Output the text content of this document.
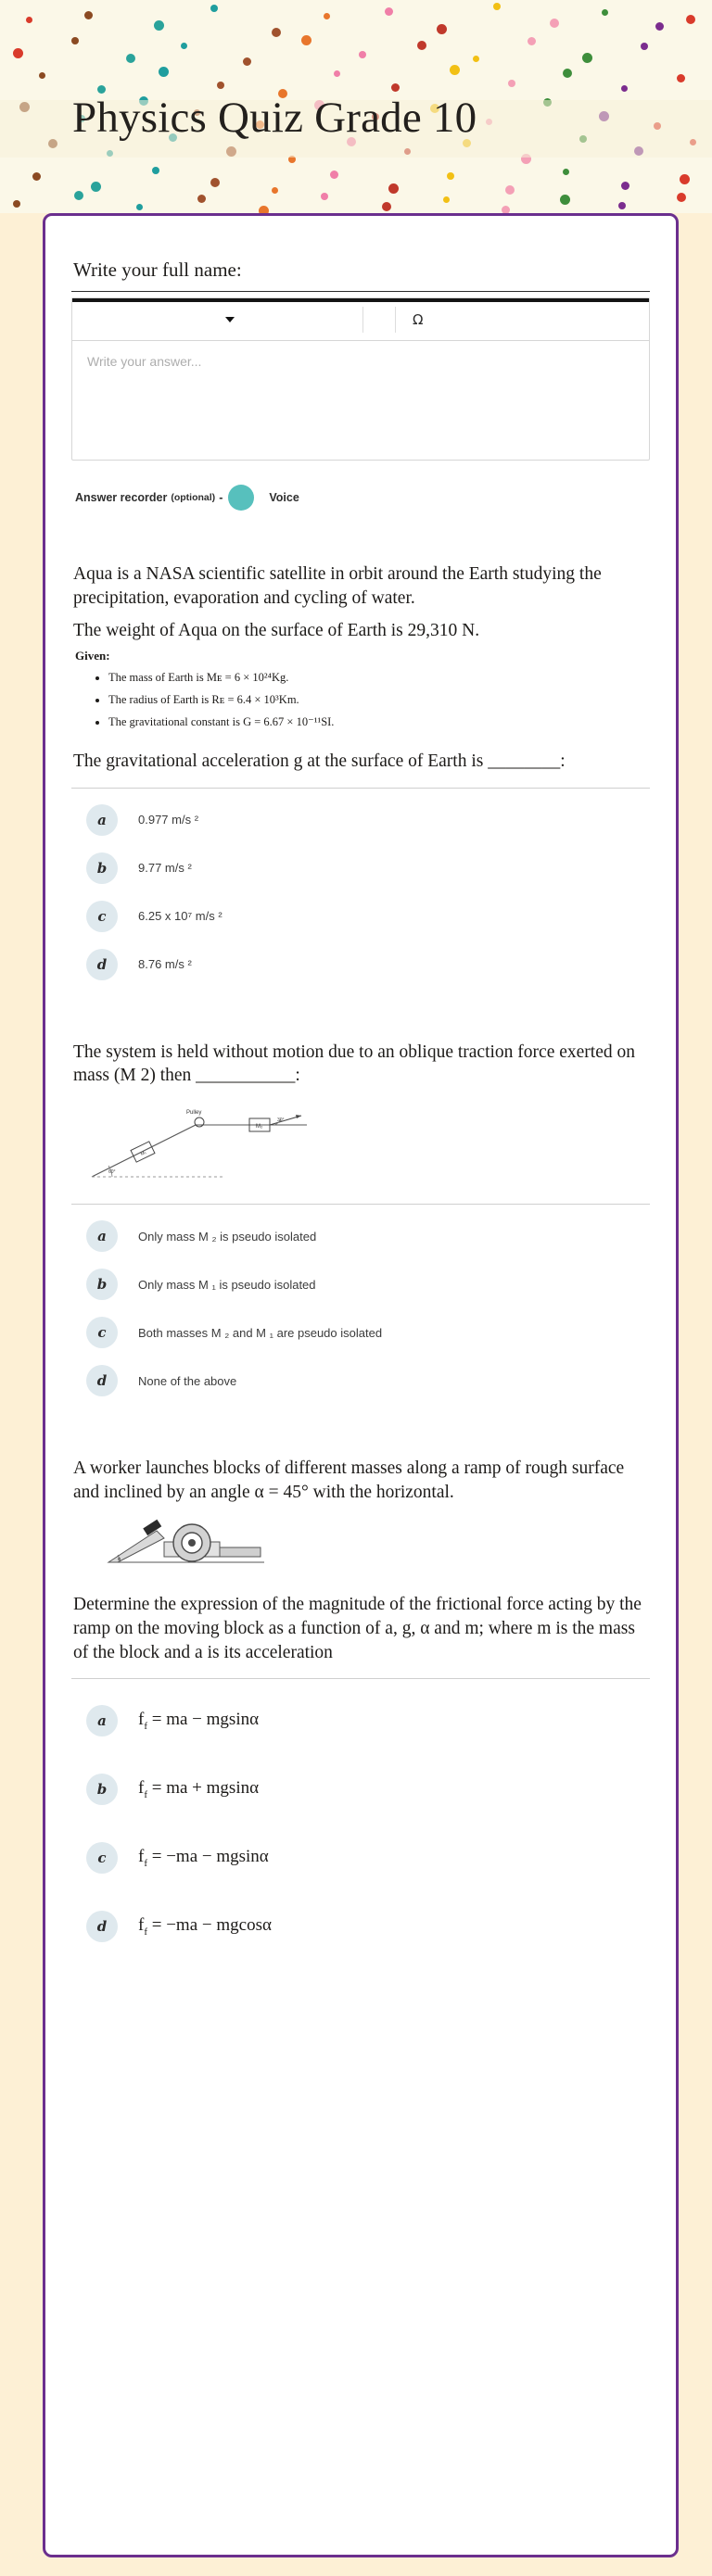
Physics Quiz Grade 10
Write your full name:
Ω
Write your answer...
Answer recorder (optional) -	Voice
Aqua is a NASA scientific satellite in orbit around the Earth studying the precipitation, evaporation and cycling of water.
The weight of Aqua on the surface of Earth is 29,310 N.
Given:
• The mass of Earth is Mᴇ = 6 × 10²⁴Kg.
• The radius of Earth is Rᴇ = 6.4 × 10³Km.
• The gravitational constant is G = 6.67 × 10⁻¹¹SI.
The gravitational acceleration g at the surface of Earth is ________:
a	0.977 m/s ²
b	9.77 m/s ²
c	6.25 x 10⁷ m/s ²
d	8.76 m/s ²
The system is held without motion due to an oblique traction force exerted on mass (M 2) then ___________:
M₁
Pulley
M₂
30°
60°
a	Only mass M ₂ is pseudo isolated
b	Only mass M ₁ is pseudo isolated
c	Both masses M ₂ and M ₁ are pseudo isolated
d	None of the above
A worker launches blocks of different masses along a ramp of rough surface and inclined by an angle α = 45° with the horizontal.
α
Determine the expression of the magnitude of the frictional force acting by the ramp on the moving block as a function of a, g, α and m; where m is the mass of the block and a is its acceleration
a	$f_f$ = ma − mgsinα
b	$f_f$ = ma + mgsinα
c	$f_f = -ma - mgsin\alpha$
d	$f_f = -ma - mgcos\alpha$
